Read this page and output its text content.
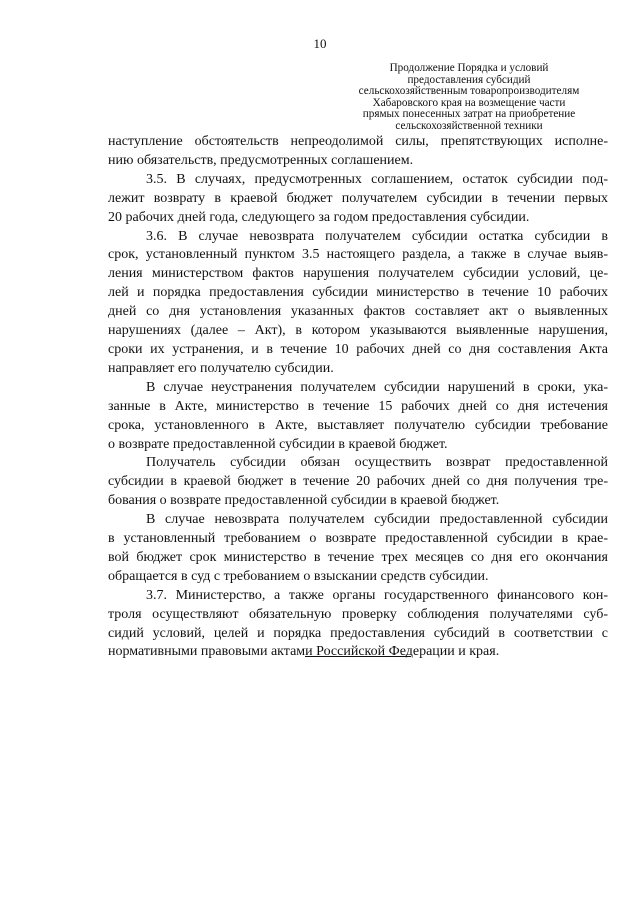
10
Продолжение Порядка и условий
предоставления субсидий
сельскохозяйственным товаропроизводителям
Хабаровского края на возмещение части
прямых понесенных затрат на приобретение
сельскохозяйственной техники

наступление обстоятельств непреодолимой силы, препятствующих исполне-
нию обязательств, предусмотренных соглашением.

3.5. В случаях, предусмотренных соглашением, остаток субсидии под-
лежит возврату в краевой бюджет получателем субсидии в течении первых
20 рабочих дней года, следующего за годом предоставления субсидии.

3.6. В случае невозврата получателем субсидии остатка субсидии в
срок, установленный пунктом 3.5 настоящего раздела, а также в случае выяв-
ления министерством фактов нарушения получателем субсидии условий, це-
лей и порядка предоставления субсидии министерство в течение 10 рабочих
дней со дня установления указанных фактов составляет акт о выявленных
нарушениях (далее – Акт), в котором указываются выявленные нарушения,
сроки их устранения, и в течение 10 рабочих дней со дня составления Акта
направляет его получателю субсидии.

В случае неустранения получателем субсидии нарушений в сроки, ука-
занные в Акте, министерство в течение 15 рабочих дней со дня истечения
срока, установленного в Акте, выставляет получателю субсидии требование
о возврате предоставленной субсидии в краевой бюджет.

Получатель субсидии обязан осуществить возврат предоставленной
субсидии в краевой бюджет в течение 20 рабочих дней со дня получения тре-
бования о возврате предоставленной субсидии в краевой бюджет.

В случае невозврата получателем субсидии предоставленной субсидии
в установленный требованием о возврате предоставленной субсидии в крае-
вой бюджет срок министерство в течение трех месяцев со дня его окончания
обращается в суд с требованием о взыскании средств субсидии.

3.7. Министерство, а также органы государственного финансового кон-
троля осуществляют обязательную проверку соблюдения получателями суб-
сидий условий, целей и порядка предоставления субсидий в соответствии с
нормативными правовыми актами Российской Федерации и края.
